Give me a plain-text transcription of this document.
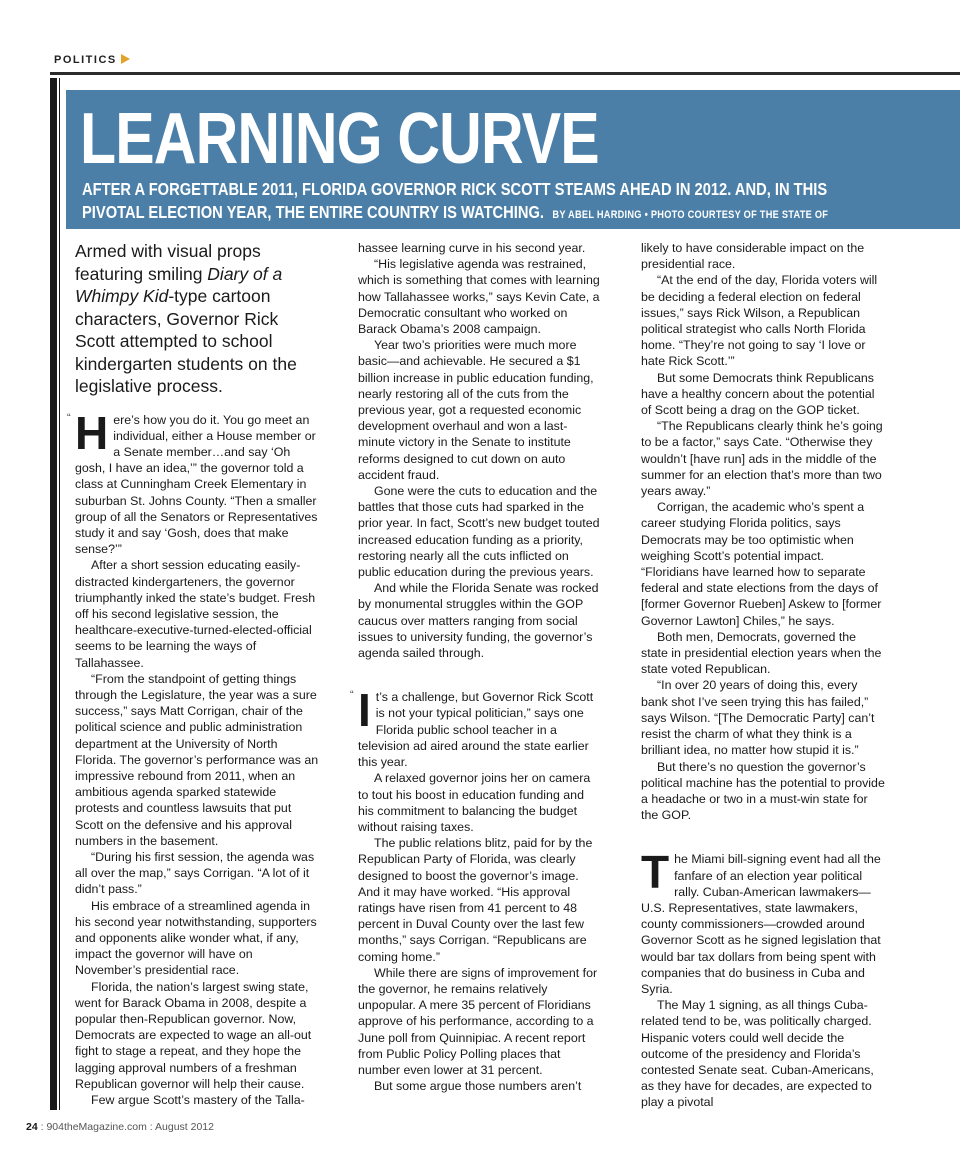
POLITICS
LEARNING CURVE
AFTER A FORGETTABLE 2011, FLORIDA GOVERNOR RICK SCOTT STEAMS AHEAD IN 2012. AND, IN THIS PIVOTAL ELECTION YEAR, THE ENTIRE COUNTRY IS WATCHING. BY ABEL HARDING • PHOTO COURTESY OF THE STATE OF
Armed with visual props featuring smiling Diary of a Whimpy Kid-type cartoon characters, Governor Rick Scott attempted to school kindergarten students on the legislative process.
“ H ere’s how you do it. You go meet an individual, either a House member or a Senate member…and say ‘Oh gosh, I have an idea,’” the governor told a class at Cunningham Creek Elementary in suburban St. Johns County. “Then a smaller group of all the Senators or Representatives study it and say ‘Gosh, does that make sense?’”

After a short session educating easily-distracted kindergarteners, the governor triumphantly inked the state’s budget. Fresh off his second legislative session, the healthcare-executive-turned-elected-official seems to be learning the ways of Tallahassee.

“From the standpoint of getting things through the Legislature, the year was a sure success,” says Matt Corrigan, chair of the political science and public administration department at the University of North Florida. The governor’s performance was an impressive rebound from 2011, when an ambitious agenda sparked statewide protests and countless lawsuits that put Scott on the defensive and his approval numbers in the basement.

“During his first session, the agenda was all over the map,” says Corrigan. “A lot of it didn’t pass.”

His embrace of a streamlined agenda in his second year notwithstanding, supporters and opponents alike wonder what, if any, impact the governor will have on November’s presidential race.

Florida, the nation’s largest swing state, went for Barack Obama in 2008, despite a popular then-Republican governor. Now, Democrats are expected to wage an all-out fight to stage a repeat, and they hope the lagging approval numbers of a freshman Republican governor will help their cause.

Few argue Scott’s mastery of the Talla-

hassee learning curve in his second year.

“His legislative agenda was restrained, which is something that comes with learning how Tallahassee works,” says Kevin Cate, a Democratic consultant who worked on Barack Obama’s 2008 campaign.

Year two’s priorities were much more basic—and achievable. He secured a $1 billion increase in public education funding, nearly restoring all of the cuts from the previous year, got a requested economic development overhaul and won a last-minute victory in the Senate to institute reforms designed to cut down on auto accident fraud.

Gone were the cuts to education and the battles that those cuts had sparked in the prior year. In fact, Scott’s new budget touted increased education funding as a priority, restoring nearly all the cuts inflicted on public education during the previous years.

And while the Florida Senate was rocked by monumental struggles within the GOP caucus over matters ranging from social issues to university funding, the governor’s agenda sailed through.

“ I t’s a challenge, but Governor Rick Scott is not your typical politician,” says one Florida public school teacher in a television ad aired around the state earlier this year.

A relaxed governor joins her on camera to tout his boost in education funding and his commitment to balancing the budget without raising taxes.

The public relations blitz, paid for by the Republican Party of Florida, was clearly designed to boost the governor’s image. And it may have worked. “His approval ratings have risen from 41 percent to 48 percent in Duval County over the last few months,” says Corrigan. “Republicans are coming home.”

While there are signs of improvement for the governor, he remains relatively unpopular. A mere 35 percent of Floridians approve of his performance, according to a June poll from Quinnipiac. A recent report from Public Policy Polling places that number even lower at 31 percent.

But some argue those numbers aren’t

likely to have considerable impact on the presidential race.

“At the end of the day, Florida voters will be deciding a federal election on federal issues,” says Rick Wilson, a Republican political strategist who calls North Florida home. “They’re not going to say ‘I love or hate Rick Scott.’”

But some Democrats think Republicans have a healthy concern about the potential of Scott being a drag on the GOP ticket.

“The Republicans clearly think he’s going to be a factor,” says Cate. “Otherwise they wouldn’t [have run] ads in the middle of the summer for an election that’s more than two years away.”

Corrigan, the academic who’s spent a career studying Florida politics, says Democrats may be too optimistic when weighing Scott’s potential impact. “Floridians have learned how to separate federal and state elections from the days of [former Governor Rueben] Askew to [former Governor Lawton] Chiles,” he says.

Both men, Democrats, governed the state in presidential election years when the state voted Republican.

“In over 20 years of doing this, every bank shot I’ve seen trying this has failed,” says Wilson. “[The Democratic Party] can’t resist the charm of what they think is a brilliant idea, no matter how stupid it is.”

But there’s no question the governor’s political machine has the potential to provide a headache or two in a must-win state for the GOP.

T he Miami bill-signing event had all the fanfare of an election year political rally. Cuban-American lawmakers—U.S. Representatives, state lawmakers, county commissioners—crowded around Governor Scott as he signed legislation that would bar tax dollars from being spent with companies that do business in Cuba and Syria.

The May 1 signing, as all things Cuba-related tend to be, was politically charged. Hispanic voters could well decide the outcome of the presidency and Florida’s contested Senate seat. Cuban-Americans, as they have for decades, are expected to play a pivotal

24 : 904theMagazine.com : August 2012
